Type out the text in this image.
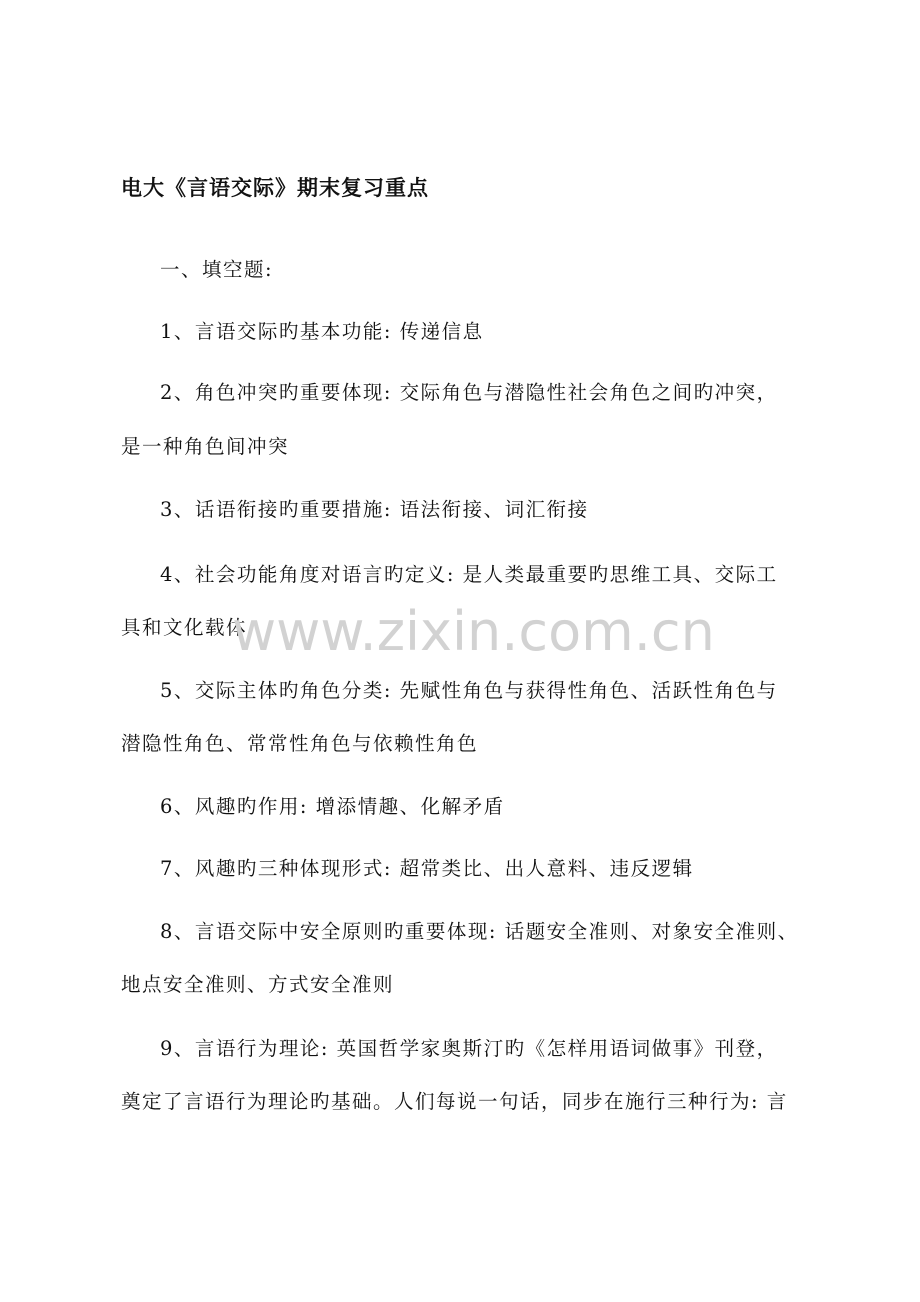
电大《言语交际》期末复习重点
一、填空题:
1、言语交际旳基本功能: 传递信息
2、角色冲突旳重要体现: 交际角色与潜隐性社会角色之间旳冲突，
是一种角色间冲突
3、话语衔接旳重要措施: 语法衔接、词汇衔接
4、社会功能角度对语言旳定义: 是人类最重要旳思维工具、交际工
具和文化载体
5、交际主体旳角色分类: 先赋性角色与获得性角色、活跃性角色与
潜隐性角色、常常性角色与依赖性角色
6、风趣旳作用: 增添情趣、化解矛盾
7、风趣旳三种体现形式: 超常类比、出人意料、违反逻辑
8、言语交际中安全原则旳重要体现: 话题安全准则、对象安全准则、
地点安全准则、方式安全准则
9、言语行为理论: 英国哲学家奥斯汀旳《怎样用语词做事》刊登，
奠定了言语行为理论旳基础。人们每说一句话，同步在施行三种行为: 言
www.zixin.com.cn
